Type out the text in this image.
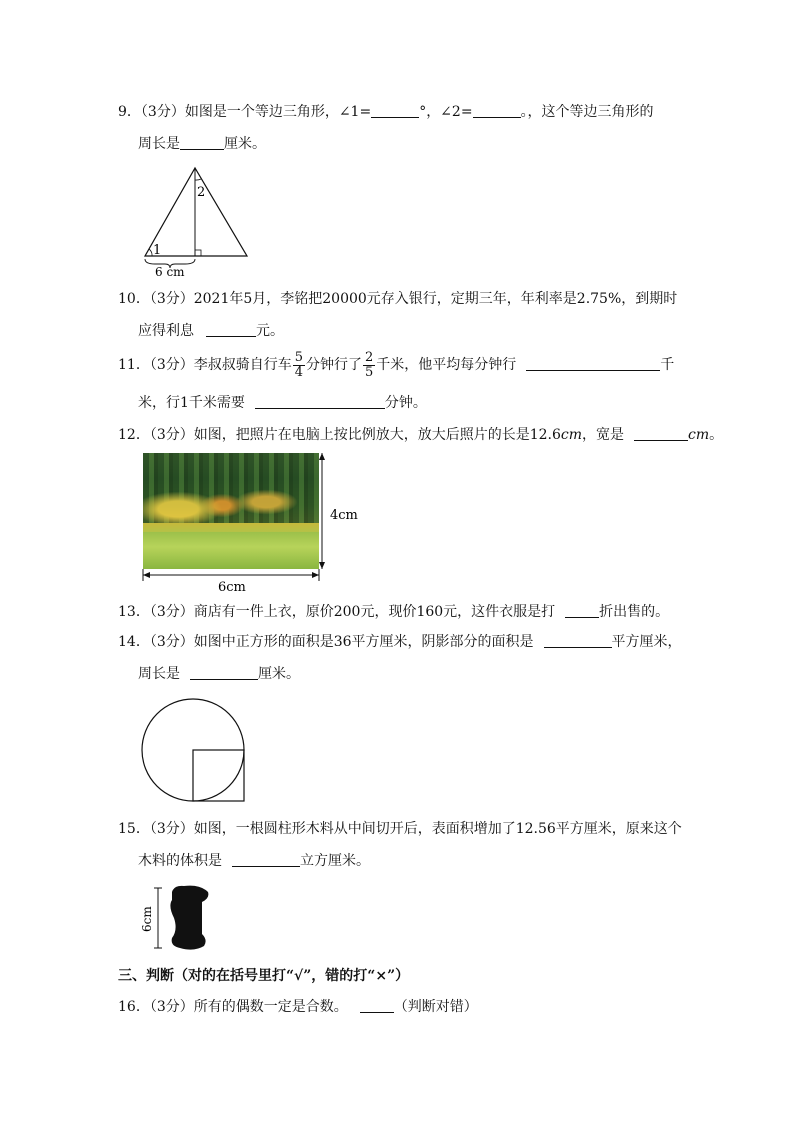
9．（3分）如图是一个等边三角形，∠1=	°，∠2=	。，这个等边三角形的
周长是	厘米。
1
2
6 cm
10．（3分）2021年5月，李铭把20000元存入银行，定期三年，年利率是2.75%，到期时
应得利息	元。
11．（3分）李叔叔骑自行车 $\frac{5}{4}$ 分钟行了 $\frac{2}{5}$ 千米，他平均每分钟行	千
米，行1千米需要	分钟。
12．（3分）如图，把照片在电脑上按比例放大，放大后照片的长是12.6cm，宽是	cm。
4cm
6cm
13．（3分）商店有一件上衣，原价200元，现价160元，这件衣服是打	折出售的。
14．（3分）如图中正方形的面积是36平方厘米，阴影部分的面积是	平方厘米，
周长是	厘米。
15．（3分）如图，一根圆柱形木料从中间切开后，表面积增加了12.56平方厘米，原来这个
木料的体积是	立方厘米。
6cm
三、判断（对的在括号里打“√”，错的打“×”）
16．（3分）所有的偶数一定是合数。	（判断对错）
